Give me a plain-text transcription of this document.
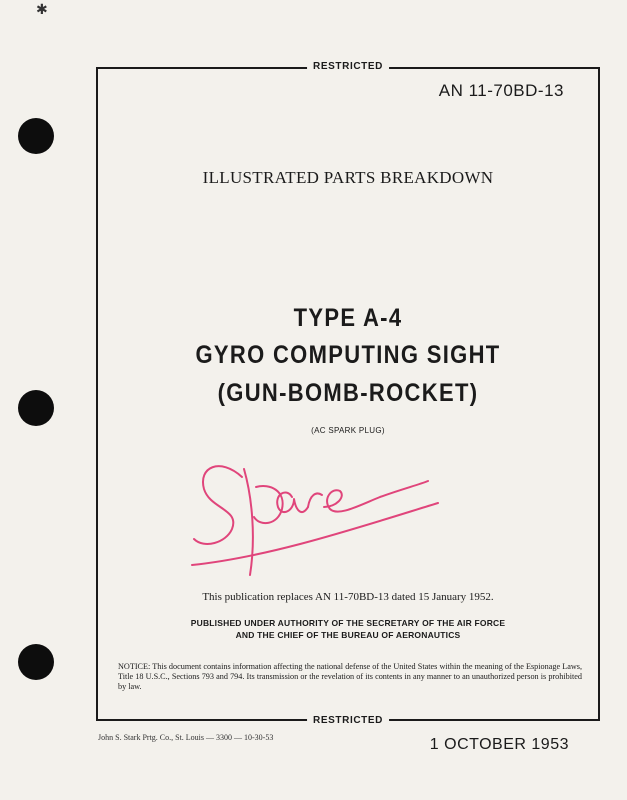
✱
RESTRICTED
AN 11-70BD-13
ILLUSTRATED PARTS BREAKDOWN
TYPE A-4
GYRO COMPUTING SIGHT
(GUN-BOMB-ROCKET)
(AC SPARK PLUG)
This publication replaces AN 11-70BD-13 dated 15 January 1952.
PUBLISHED UNDER AUTHORITY OF THE SECRETARY OF THE AIR FORCE
AND THE CHIEF OF THE BUREAU OF AERONAUTICS
NOTICE: This document contains information affecting the national defense of the United States within the meaning of the Espionage Laws, Title 18 U.S.C., Sections 793 and 794. Its transmission or the revelation of its contents in any manner to an unauthorized person is prohibited by law.
RESTRICTED
John S. Stark Prtg. Co., St. Louis — 3300 — 10-30-53	1 OCTOBER 1953
